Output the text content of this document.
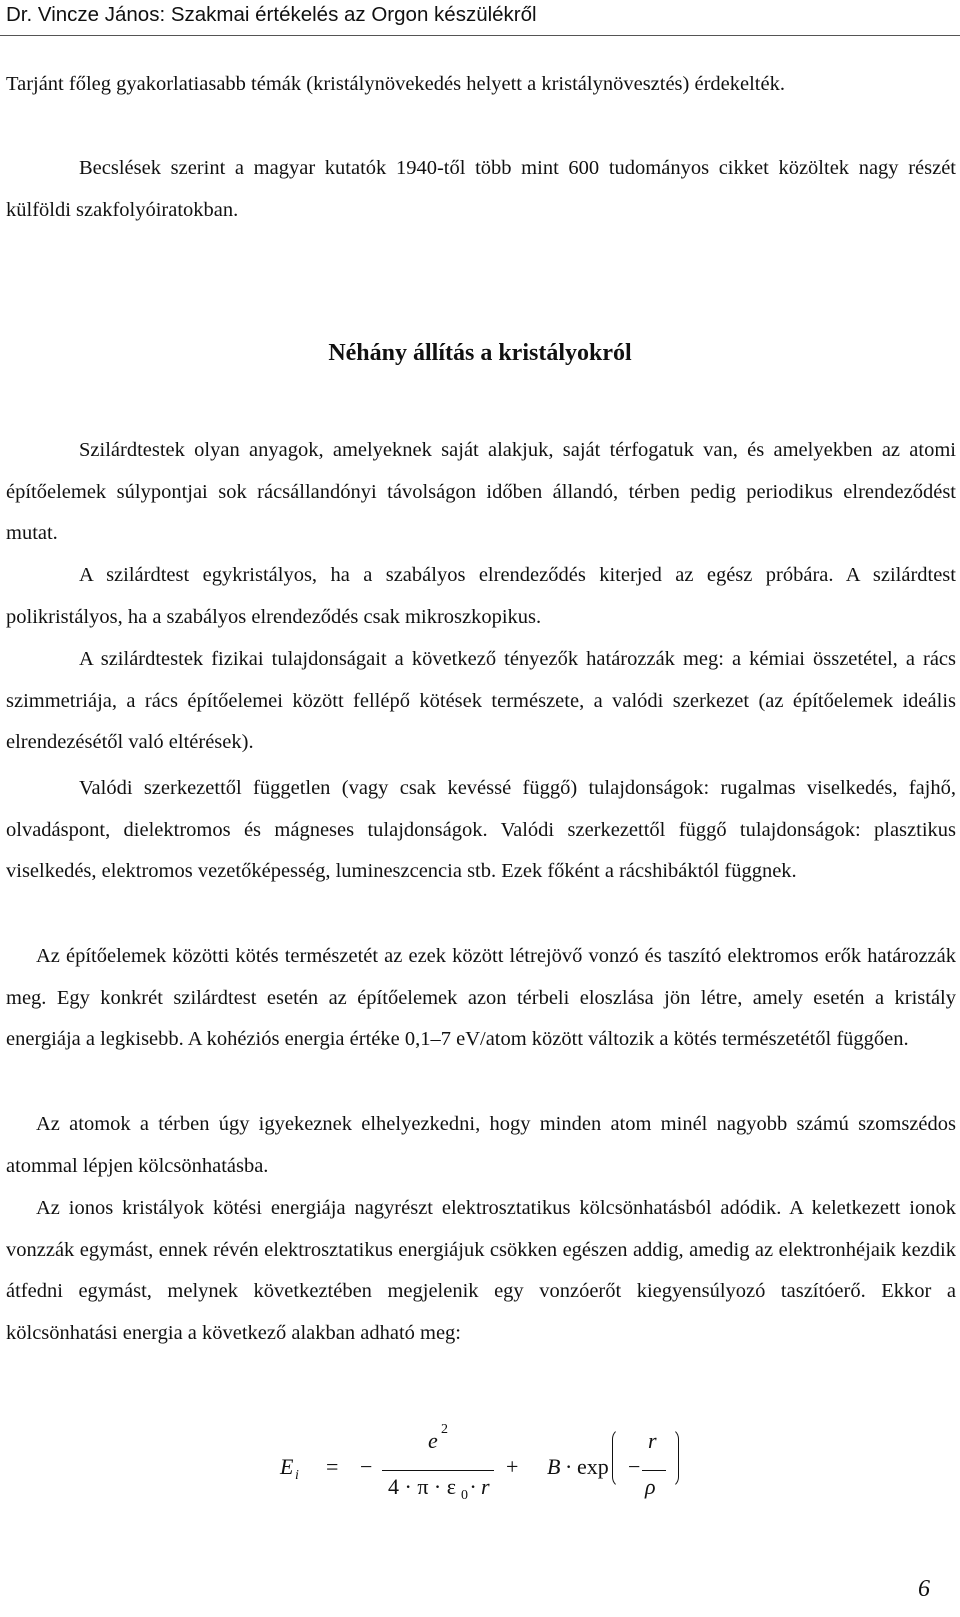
Dr. Vincze János: Szakmai értékelés az Orgon készülékről

Tarjánt főleg gyakorlatiasabb témák (kristálynövekedés helyett a kristálynövesztés) érdekelték.

Becslések szerint a magyar kutatók 1940-től több mint 600 tudományos cikket közöltek nagy részét külföldi szakfolyóiratokban.

Néhány állítás a kristályokról

Szilárdtestek olyan anyagok, amelyeknek saját alakjuk, saját térfogatuk van, és amelyekben az atomi építőelemek súlypontjai sok rácsállandónyi távolságon időben állandó, térben pedig periodikus elrendeződést mutat.

A szilárdtest egykristályos, ha a szabályos elrendeződés kiterjed az egész próbára. A szilárdtest polikristályos, ha a szabályos elrendeződés csak mikroszkopikus.

A szilárdtestek fizikai tulajdonságait a következő tényezők határozzák meg: a kémiai összetétel, a rács szimmetriája, a rács építőelemei között fellépő kötések természete, a valódi szerkezet (az építőelemek ideális elrendezésétől való eltérések).

Valódi szerkezettől független (vagy csak kevéssé függő) tulajdonságok: rugalmas viselkedés, fajhő, olvadáspont, dielektromos és mágneses tulajdonságok. Valódi szerkezettől függő tulajdonságok: plasztikus viselkedés, elektromos vezetőképesség, lumineszcencia stb. Ezek főként a rácshibáktól függnek.

Az építőelemek közötti kötés természetét az ezek között létrejövő vonzó és taszító elektromos erők határozzák meg. Egy konkrét szilárdtest esetén az építőelemek azon térbeli eloszlása jön létre, amely esetén a kristály energiája a legkisebb. A kohéziós energia értéke 0,1–7 eV/atom között változik a kötés természetétől függően.

Az atomok a térben úgy igyekeznek elhelyezkedni, hogy minden atom minél nagyobb számú szomszédos atommal lépjen kölcsönhatásba.

Az ionos kristályok kötési energiája nagyrészt elektrosztatikus kölcsönhatásból adódik. A keletkezett ionok vonzzák egymást, ennek révén elektrosztatikus energiájuk csökken egészen addig, amedig az elektronhéjaik kezdik átfedni egymást, melynek következtében megjelenik egy vonzóerőt kiegyensúlyozó taszítóerő. Ekkor a kölcsönhatási energia a következő alakban adható meg:

E i = −
e 2
4 · π · ε 0 · r
+ B · exp −
r
ρ
6
